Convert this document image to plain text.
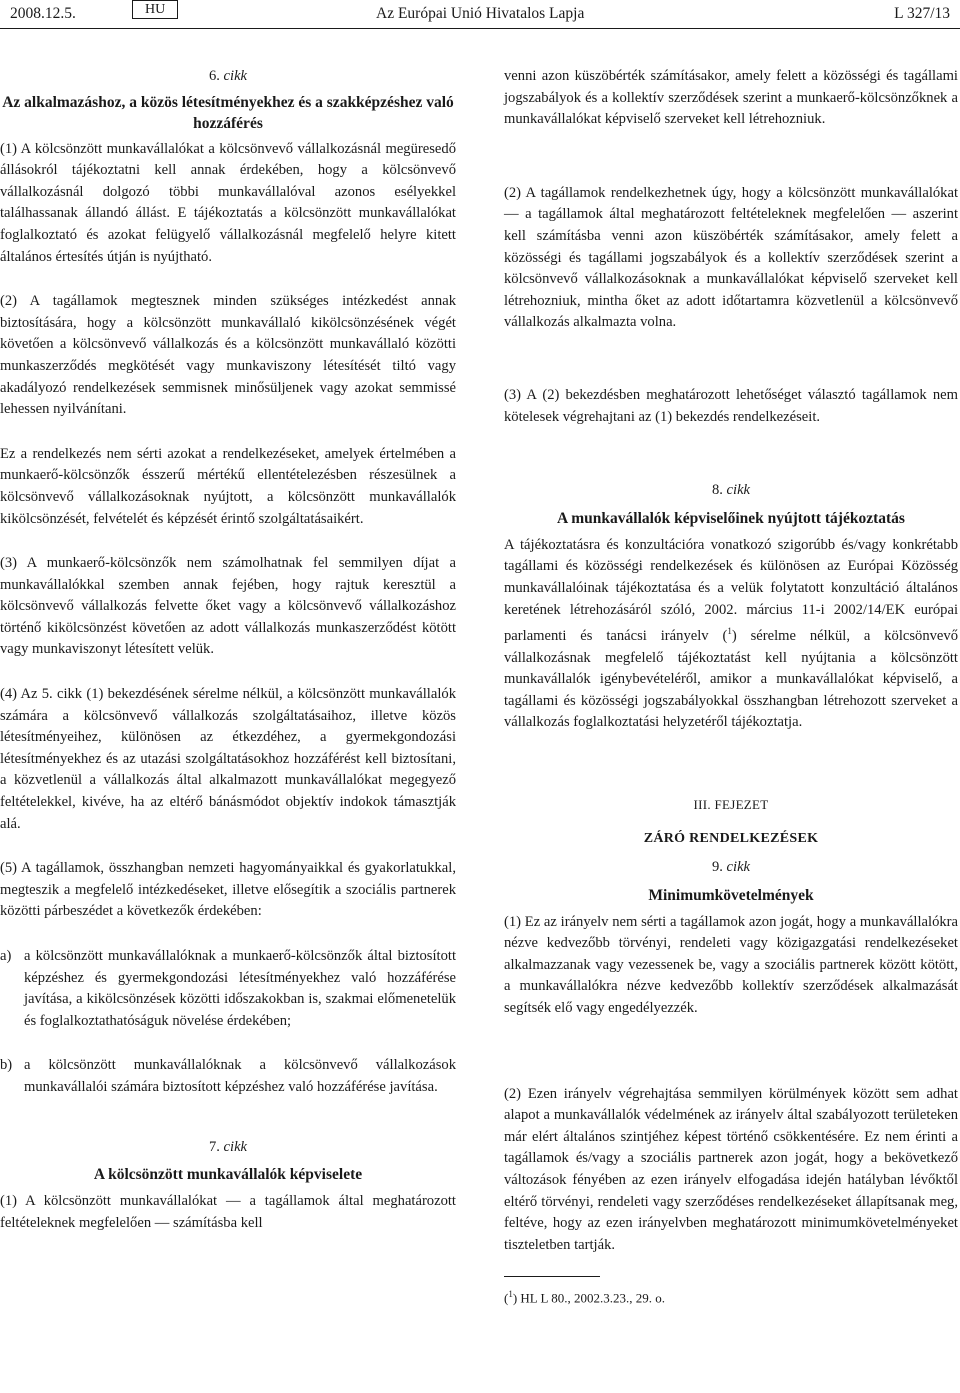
2008.12.5.	HU	Az Európai Unió Hivatalos Lapja	L 327/13

6. cikk

Az alkalmazáshoz, a közös létesítményekhez és a szakképzéshez való hozzáférés

(1) A kölcsönzött munkavállalókat a kölcsönvevő vállalkozásnál megüresedő állásokról tájékoztatni kell annak érdekében, hogy a kölcsönvevő vállalkozásnál dolgozó többi munkavállalóval azonos esélyekkel találhassanak állandó állást. E tájékoztatás a kölcsönzött munkavállalókat foglalkoztató és azokat felügyelő vállalkozásnál megfelelő helyre kitett általános értesítés útján is nyújtható.

(2) A tagállamok megtesznek minden szükséges intézkedést annak biztosítására, hogy a kölcsönzött munkavállaló kikölcsönzésének végét követően a kölcsönvevő vállalkozás és a kölcsönzött munkavállaló közötti munkaszerződés megkötését vagy munkaviszony létesítését tiltó vagy akadályozó rendelkezések semmisnek minősüljenek vagy azokat semmissé lehessen nyilvánítani.

Ez a rendelkezés nem sérti azokat a rendelkezéseket, amelyek értelmében a munkaerő-kölcsönzők ésszerű mértékű ellentételezésben részesülnek a kölcsönvevő vállalkozásoknak nyújtott, a kölcsönzött munkavállalók kikölcsönzését, felvételét és képzését érintő szolgáltatásaikért.

(3) A munkaerő-kölcsönzők nem számolhatnak fel semmilyen díjat a munkavállalókkal szemben annak fejében, hogy rajtuk keresztül a kölcsönvevő vállalkozás felvette őket vagy a kölcsönvevő vállalkozáshoz történő kikölcsönzést követően az adott vállalkozás munkaszerződést kötött vagy munkaviszonyt létesített velük.

(4) Az 5. cikk (1) bekezdésének sérelme nélkül, a kölcsönzött munkavállalók számára a kölcsönvevő vállalkozás szolgáltatásaihoz, illetve közös létesítményeihez, különösen az étkezdéhez, a gyermekgondozási létesítményekhez és az utazási szolgáltatásokhoz hozzáférést kell biztosítani, a közvetlenül a vállalkozás által alkalmazott munkavállalókat megegyező feltételekkel, kivéve, ha az eltérő bánásmódot objektív indokok támasztják alá.

(5) A tagállamok, összhangban nemzeti hagyományaikkal és gyakorlatukkal, megteszik a megfelelő intézkedéseket, illetve elősegítik a szociális partnerek közötti párbeszédet a következők érdekében:

a) a kölcsönzött munkavállalóknak a munkaerő-kölcsönzők által biztosított képzéshez és gyermekgondozási létesítményekhez való hozzáférése javítása, a kikölcsönzések közötti időszakokban is, szakmai előmenetelük és foglalkoztathatóságuk növelése érdekében;
b) a kölcsönzött munkavállalóknak a kölcsönvevő vállalkozások munkavállalói számára biztosított képzéshez való hozzáférése javítása.

7. cikk

A kölcsönzött munkavállalók képviselete

(1) A kölcsönzött munkavállalókat — a tagállamok által meghatározott feltételeknek megfelelően — számításba kell

venni azon küszöbérték számításakor, amely felett a közösségi és tagállami jogszabályok és a kollektív szerződések szerint a munkaerő-kölcsönzőknek a munkavállalókat képviselő szerveket kell létrehozniuk.

(2) A tagállamok rendelkezhetnek úgy, hogy a kölcsönzött munkavállalókat — a tagállamok által meghatározott feltételeknek megfelelően — aszerint kell számításba venni azon küszöbérték számításakor, amely felett a közösségi és tagállami jogszabályok és a kollektív szerződések szerint a kölcsönvevő vállalkozásoknak a munkavállalókat képviselő szerveket kell létrehozniuk, mintha őket az adott időtartamra közvetlenül a kölcsönvevő vállalkozás alkalmazta volna.

(3) A (2) bekezdésben meghatározott lehetőséget választó tagállamok nem kötelesek végrehajtani az (1) bekezdés rendelkezéseit.

8. cikk

A munkavállalók képviselőinek nyújtott tájékoztatás

A tájékoztatásra és konzultációra vonatkozó szigorúbb és/vagy konkrétabb tagállami és közösségi rendelkezések és különösen az Európai Közösség munkavállalóinak tájékoztatása és a velük folytatott konzultáció általános keretének létrehozásáról szóló, 2002. március 11-i 2002/14/EK európai parlamenti és tanácsi irányelv ($^1$) sérelme nélkül, a kölcsönvevő vállalkozásnak megfelelő tájékoztatást kell nyújtania a kölcsönzött munkavállalók igénybevételéről, amikor a munkavállalókat képviselő, a tagállami és közösségi jogszabályokkal összhangban létrehozott szerveket a vállalkozás foglalkoztatási helyzetéről tájékoztatja.

III. FEJEZET

ZÁRÓ RENDELKEZÉSEK

9. cikk

Minimumkövetelmények

(1) Ez az irányelv nem sérti a tagállamok azon jogát, hogy a munkavállalókra nézve kedvezőbb törvényi, rendeleti vagy közigazgatási rendelkezéseket alkalmazzanak vagy vezessenek be, vagy a szociális partnerek között kötött, a munkavállalókra nézve kedvezőbb kollektív szerződések alkalmazását segítsék elő vagy engedélyezzék.

(2) Ezen irányelv végrehajtása semmilyen körülmények között sem adhat alapot a munkavállalók védelmének az irányelv által szabályozott területeken már elért általános szintjéhez képest történő csökkentésére. Ez nem érinti a tagállamok és/vagy a szociális partnerek azon jogát, hogy a bekövetkező változások fényében az ezen irányelv elfogadása idején hatályban lévőktől eltérő törvényi, rendeleti vagy szerződéses rendelkezéseket állapítsanak meg, feltéve, hogy az ezen irányelvben meghatározott minimumkövetelményeket tiszteletben tartják.

($^1$) HL L 80., 2002.3.23., 29. o.
